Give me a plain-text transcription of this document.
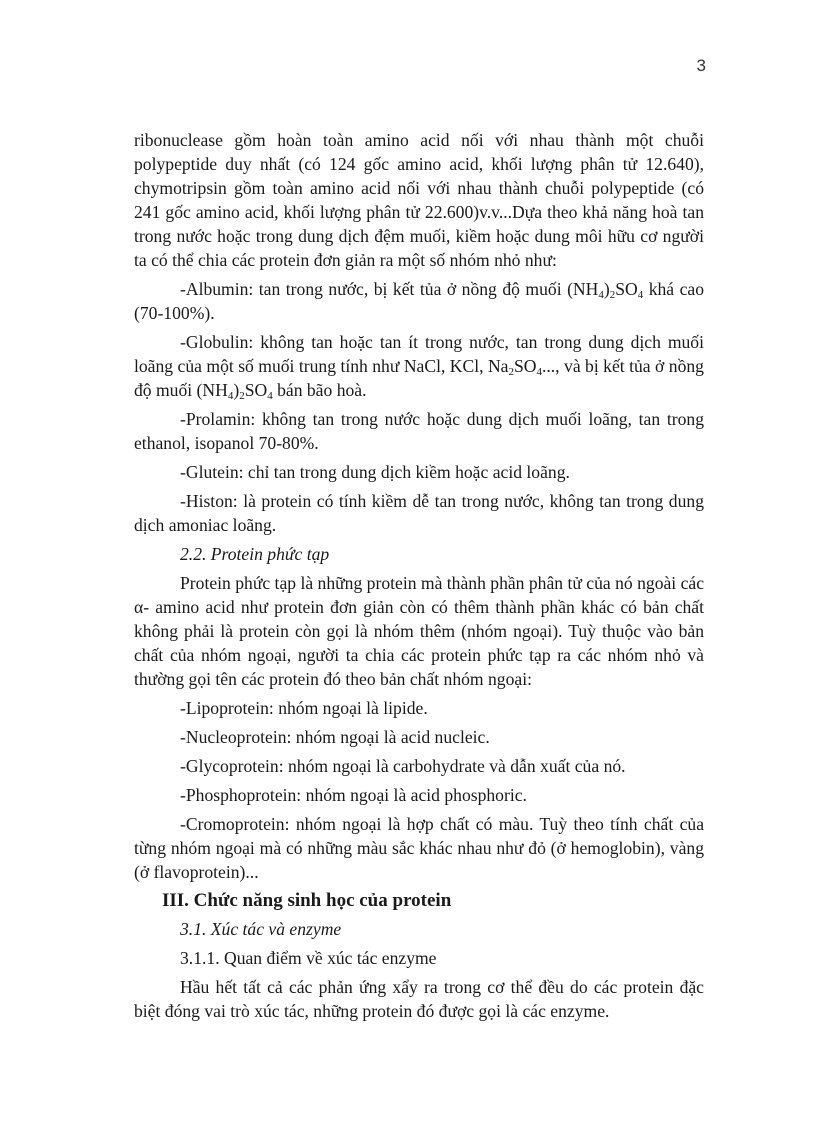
3

ribonuclease gồm hoàn toàn amino acid nối với nhau thành một chuỗi polypeptide duy nhất (có 124 gốc amino acid, khối lượng phân tử 12.640), chymotripsin gồm toàn amino acid nối với nhau thành chuỗi polypeptide (có 241 gốc amino acid, khối lượng phân tử 22.600)v.v...Dựa theo khả năng hoà tan trong nước hoặc trong dung dịch đệm muối, kiềm hoặc dung môi hữu cơ người ta có thể chia các protein đơn giản ra một số nhóm nhỏ như:

-Albumin: tan trong nước, bị kết tủa ở nồng độ muối $(NH_4)_2SO_4$ khá cao (70-100%).

-Globulin: không tan hoặc tan ít trong nước, tan trong dung dịch muối loãng của một số muối trung tính như NaCl, KCl, $Na_2SO_4$..., và bị kết tủa ở nồng độ muối $(NH_4)_2SO_4$ bán bão hoà.

-Prolamin: không tan trong nước hoặc dung dịch muối loãng, tan trong ethanol, isopanol 70-80%.

-Glutein: chỉ tan trong dung dịch kiềm hoặc acid loãng.

-Histon: là protein có tính kiềm dễ tan trong nước, không tan trong dung dịch amoniac loãng.

2.2. Protein phức tạp

Protein phức tạp là những protein mà thành phần phân tử của nó ngoài các α- amino acid như protein đơn giản còn có thêm thành phần khác có bản chất không phải là protein còn gọi là nhóm thêm (nhóm ngoại). Tuỳ thuộc vào bản chất của nhóm ngoại, người ta chia các protein phức tạp ra các nhóm nhỏ và thường gọi tên các protein đó theo bản chất nhóm ngoại:

-Lipoprotein: nhóm ngoại là lipide.

-Nucleoprotein: nhóm ngoại là acid nucleic.

-Glycoprotein: nhóm ngoại là carbohydrate và dẫn xuất của nó.

-Phosphoprotein: nhóm ngoại là acid phosphoric.

-Cromoprotein: nhóm ngoại là hợp chất có màu. Tuỳ theo tính chất của từng nhóm ngoại mà có những màu sắc khác nhau như đỏ (ở hemoglobin), vàng (ở flavoprotein)...

III. Chức năng sinh học của protein

3.1. Xúc tác và enzyme

3.1.1. Quan điểm về xúc tác enzyme

Hầu hết tất cả các phản ứng xẩy ra trong cơ thể đều do các protein đặc biệt đóng vai trò xúc tác, những protein đó được gọi là các enzyme.
